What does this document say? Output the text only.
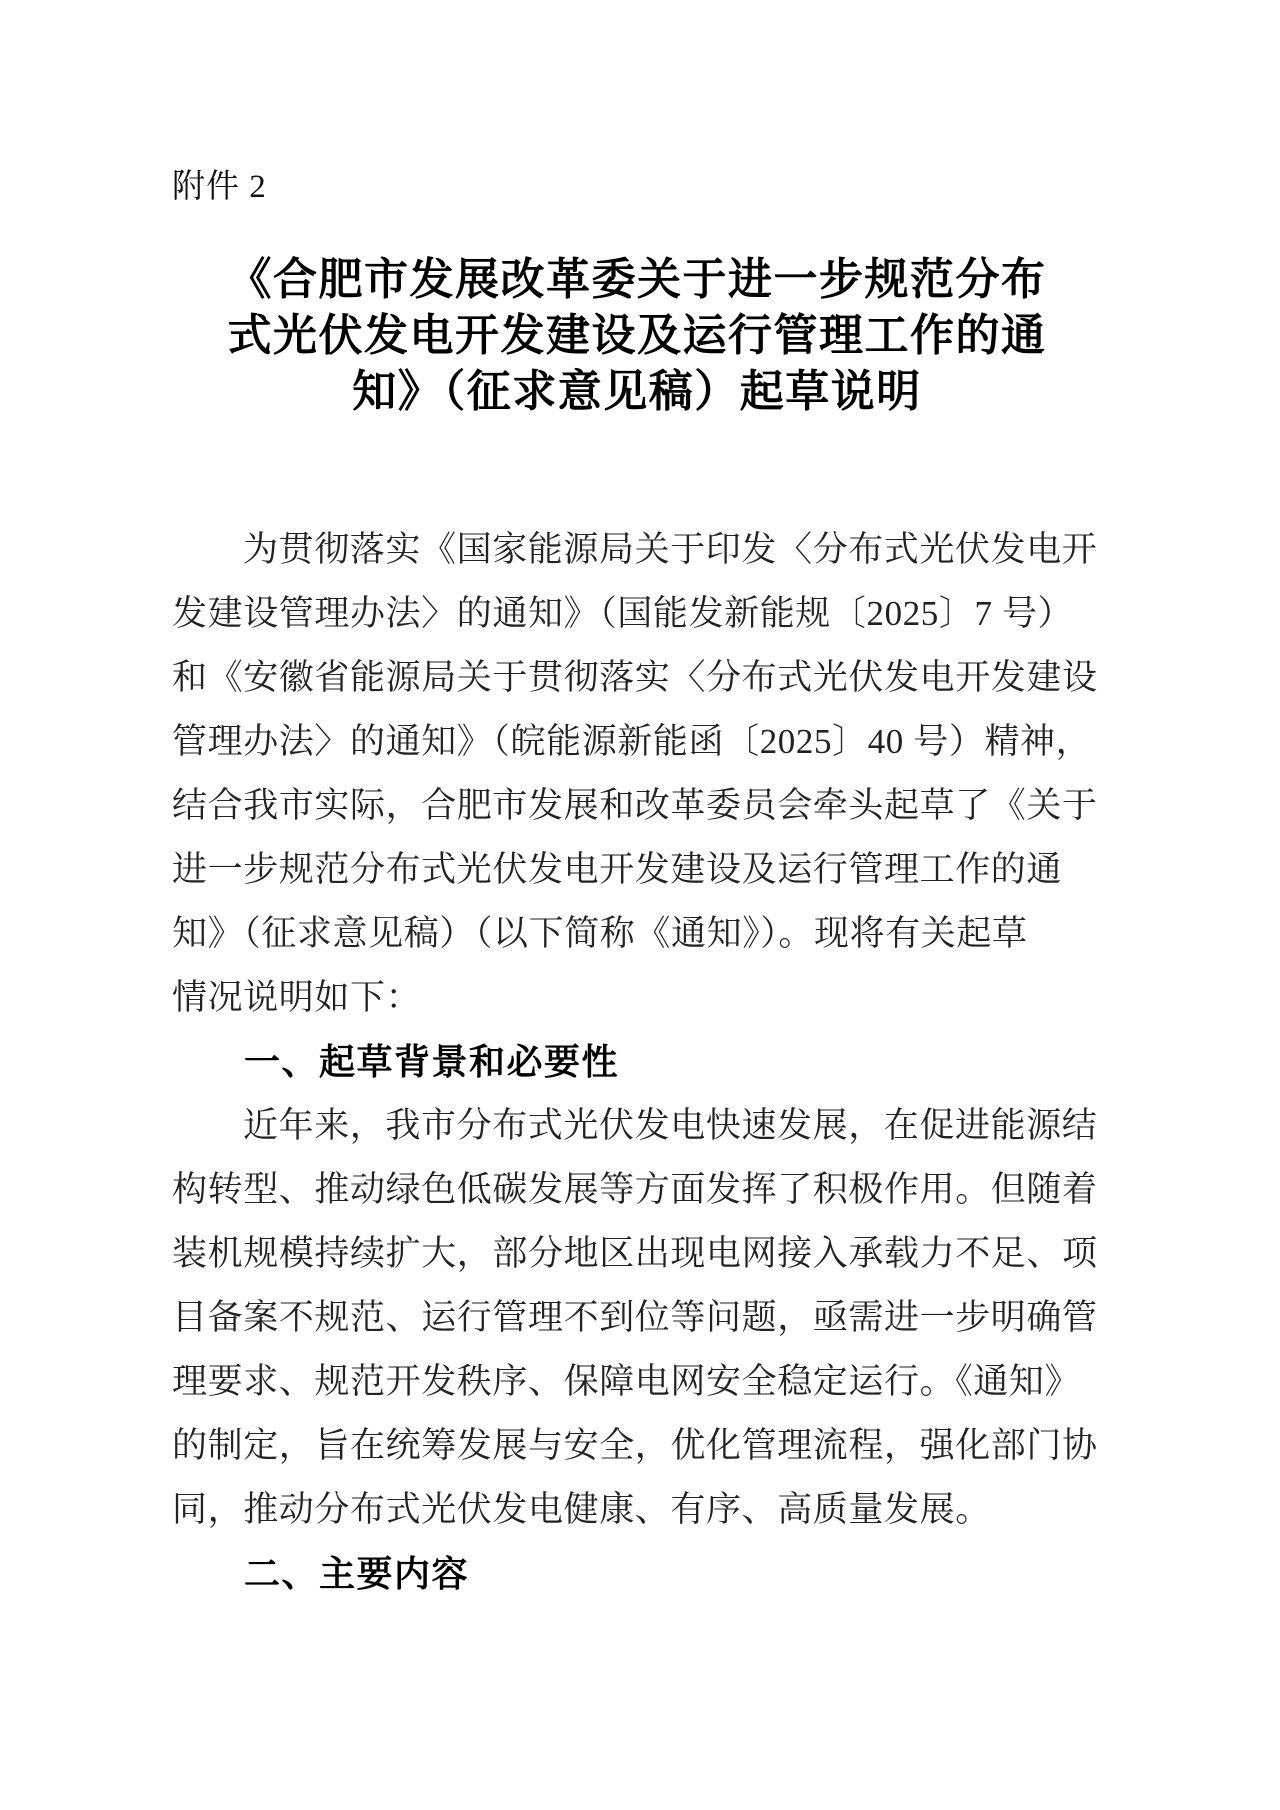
附件 2
《合肥市发展改革委关于进一步规范分布
式光伏发电开发建设及运行管理工作的通
知》（征求意见稿）起草说明
为贯彻落实《国家能源局关于印发〈分布式光伏发电开
发建设管理办法〉的通知》（国能发新能规〔2025〕7 号）
和《安徽省能源局关于贯彻落实〈分布式光伏发电开发建设
管理办法〉的通知》（皖能源新能函〔2025〕40 号）精神，
结合我市实际，合肥市发展和改革委员会牵头起草了《关于
进一步规范分布式光伏发电开发建设及运行管理工作的通
知》（征求意见稿）（以下简称《通知》）。现将有关起草
情况说明如下：
一、起草背景和必要性
近年来，我市分布式光伏发电快速发展，在促进能源结
构转型、推动绿色低碳发展等方面发挥了积极作用。但随着
装机规模持续扩大，部分地区出现电网接入承载力不足、项
目备案不规范、运行管理不到位等问题，亟需进一步明确管
理要求、规范开发秩序、保障电网安全稳定运行。《通知》
的制定，旨在统筹发展与安全，优化管理流程，强化部门协
同，推动分布式光伏发电健康、有序、高质量发展。
二、主要内容
